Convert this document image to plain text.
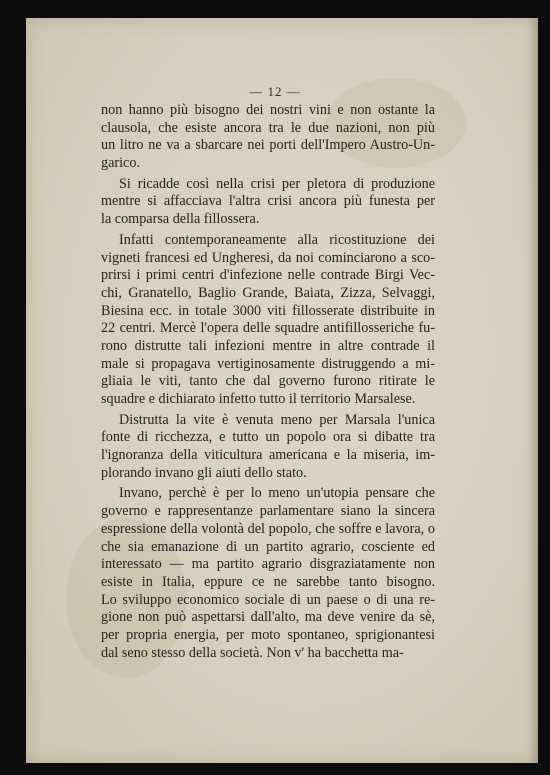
— 12 —
non hanno più bisogno dei nostri vini e non ostante la
clausola, che esiste ancora tra le due nazioni, non più
un litro ne va a sbarcare nei porti dell'Impero Austro-Un-
garico.
Si ricadde così nella crisi per pletora di produzione
mentre si affacciava l'altra crisi ancora più funesta per
la comparsa della fillossera.
Infatti contemporaneamente alla ricostituzione dei
vigneti francesi ed Ungheresi, da noi cominciarono a sco-
prirsi i primi centri d'infezione nelle contrade Birgi Vec-
chi, Granatello, Baglio Grande, Baiata, Zizza, Selvaggi,
Biesina ecc. in totale 3000 viti fillosserate distribuite in
22 centri. Mercè l'opera delle squadre antifillosseriche fu-
rono distrutte tali infezioni mentre in altre contrade il
male si propagava vertiginosamente distruggendo a mi-
gliaia le viti, tanto che dal governo furono ritirate le
squadre e dichiarato infetto tutto il territorio Marsalese.
Distrutta la vite è venuta meno per Marsala l'unica
fonte di ricchezza, e tutto un popolo ora si dibatte tra
l'ignoranza della viticultura americana e la miseria, im-
plorando invano gli aiuti dello stato.
Invano, perchè è per lo meno un'utopia pensare che
governo e rappresentanze parlamentare siano la sincera
espressione della volontà del popolo, che soffre e lavora, o
che sia emanazione di un partito agrario, cosciente ed
interessato — ma partito agrario disgraziatamente non
esiste in Italia, eppure ce ne sarebbe tanto bisogno.
Lo sviluppo economico sociale di un paese o di una re-
gione non può aspettarsi dall'alto, ma deve venire da sè,
per propria energia, per moto spontaneo, sprigionantesi
dal seno stesso della società. Non v' ha bacchetta ma-
